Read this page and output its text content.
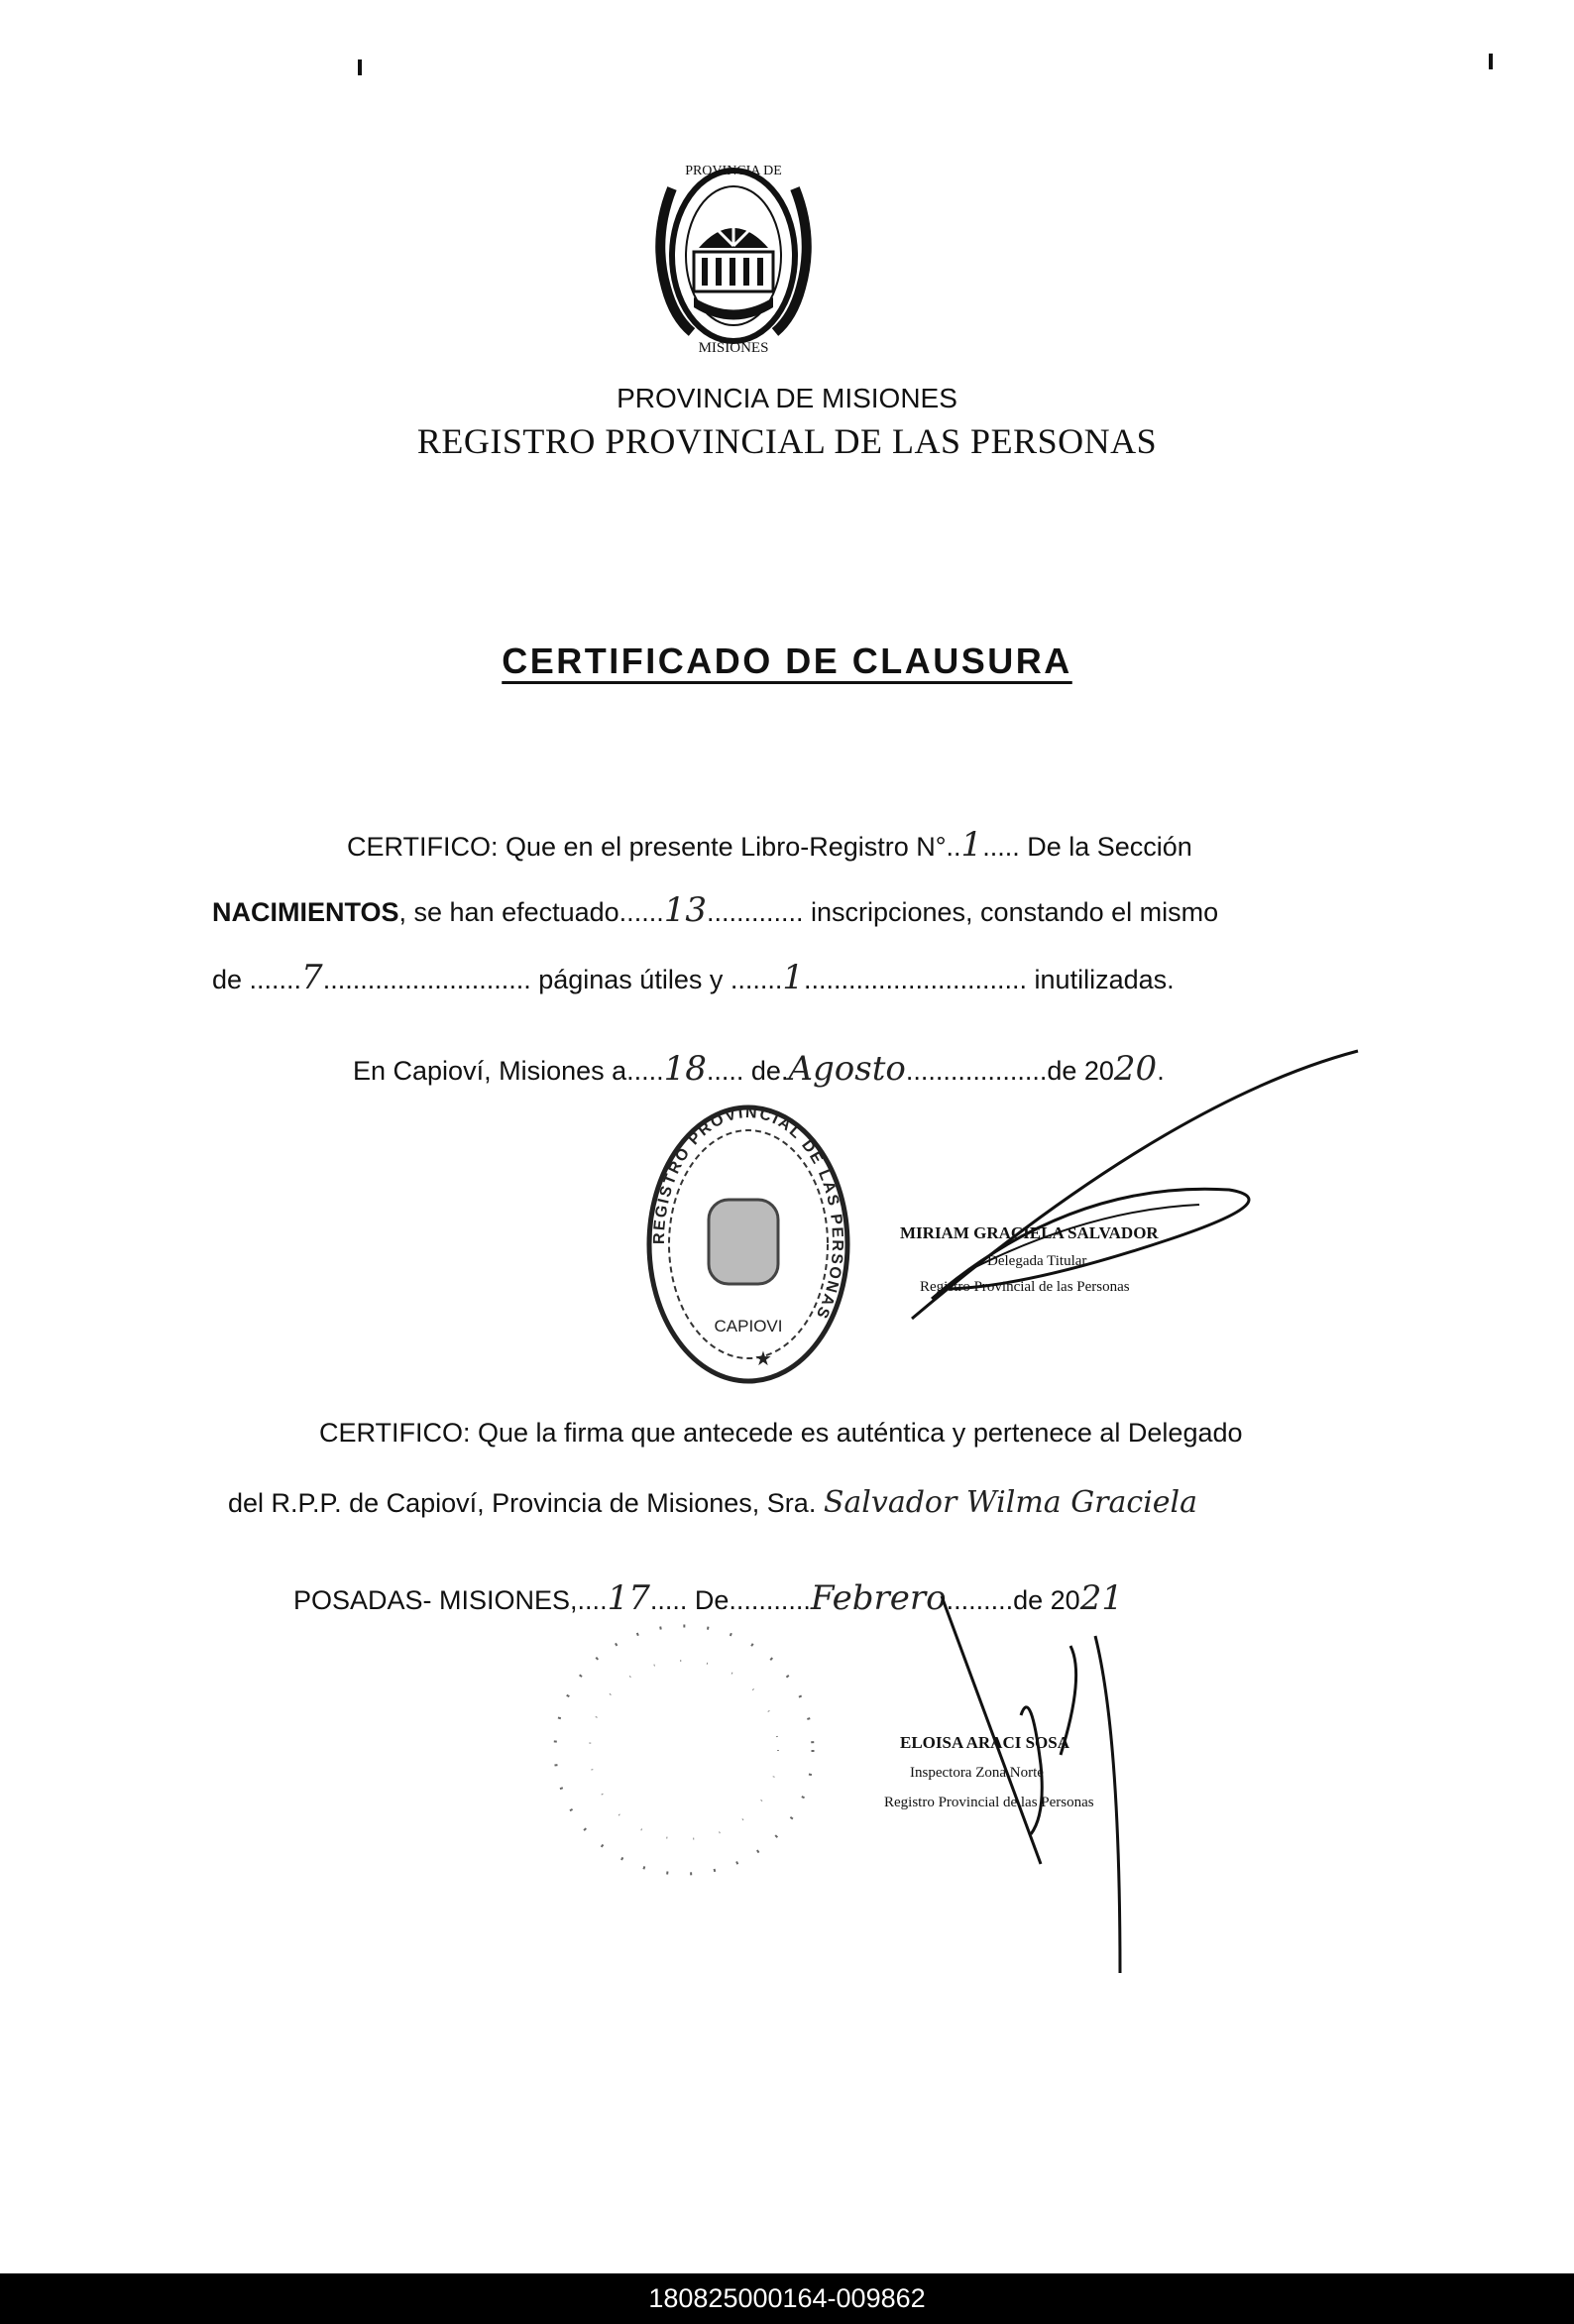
PROVINCIA DE
MISIONES
PROVINCIA DE MISIONES
REGISTRO PROVINCIAL DE LAS PERSONAS
CERTIFICADO DE CLAUSURA
CERTIFICO: Que en el presente Libro-Registro N°..1..... De la Sección
NACIMIENTOS, se han efectuado......13............. inscripciones, constando el mismo
de .......7............................ páginas útiles y .......1.............................. inutilizadas.
En Capioví, Misiones a.....18..... de.Agosto...................de 2020.
REGISTRO PROVINCIAL DE LAS PERSONAS
CAPIOVI
★
MIRIAM GRACIELA SALVADOR
Delegada Titular
Registro Provincial de las Personas
CERTIFICO: Que la firma que antecede es auténtica y pertenece al Delegado
del R.P.P. de Capioví, Provincia de Misiones, Sra. Salvador Wilma Graciela
POSADAS- MISIONES,....17..... De...........Febrero.........de 2021
ELOISA ARACI SOSA
Inspectora Zona Norte
Registro Provincial de las Personas
180825000164-009862
